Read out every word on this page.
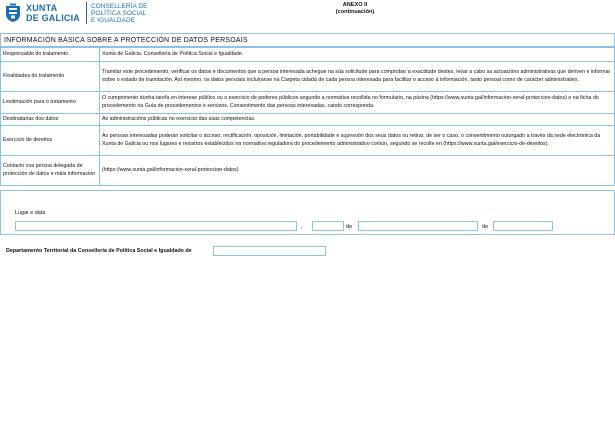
XUNTA
DE GALICIA
CONSELLERÍA DE
POLÍTICA SOCIAL
E IGUALDADE
ANEXO II
(continuación)
INFORMACIÓN BÁSICA SOBRE A PROTECCIÓN DE DATOS PERSOAIS
Responsable do tratamento	Xunta de Galicia. Consellería de Política Social e Igualdade.
Finalidades do tratamento	Tramitar este procedemento, verificar os datos e documentos que a persoa interesada achegue na súa solicitude para comprobar a exactitude destes, levar a cabo as actuacións administrativas que deriven e informar sobre o estado de tramitación. Así mesmo, os datos persoais incluiranse na Carpeta cidadá de cada persoa interesada para facilitar o acceso á información, tanto persoal como de carácter administrativo.
Lexitimación para o tratamento	O cumprimento dunha tarefa en interese público ou o exercicio de poderes públicos segundo a normativa recollida no formulario, na páxina (https://www.xunta.gal/informacion-xeral-proteccion-datos) e na ficha do procedemento na Guía de procedementos e servizos. Consentimento das persoas interesadas, cando corresponda.
Destinatarias dos datos	As administracións públicas no exercicio das súas competencias.
Exercicio de dereitos	As persoas interesadas poderán solicitar o acceso, rectificación, oposición, limitación, portabilidade e supresión dos seus datos ou retirar, de ser o caso, o consentimento outorgado a través da sede electrónica da Xunta de Galicia ou nos lugares e rexistros establecidos na normativa reguladora do procedemento administrativo común, segundo se recolle en (https://www.xunta.gal/exercicio-de-dereitos).
Contacto coa persoa delegada de protección de datos e máis información	(https://www.xunta.gal/informacion-xeral-proteccion-datos)
Lugar e data
,	de	de
Departamento Territorial da Consellería de Política Social e Igualdade de
